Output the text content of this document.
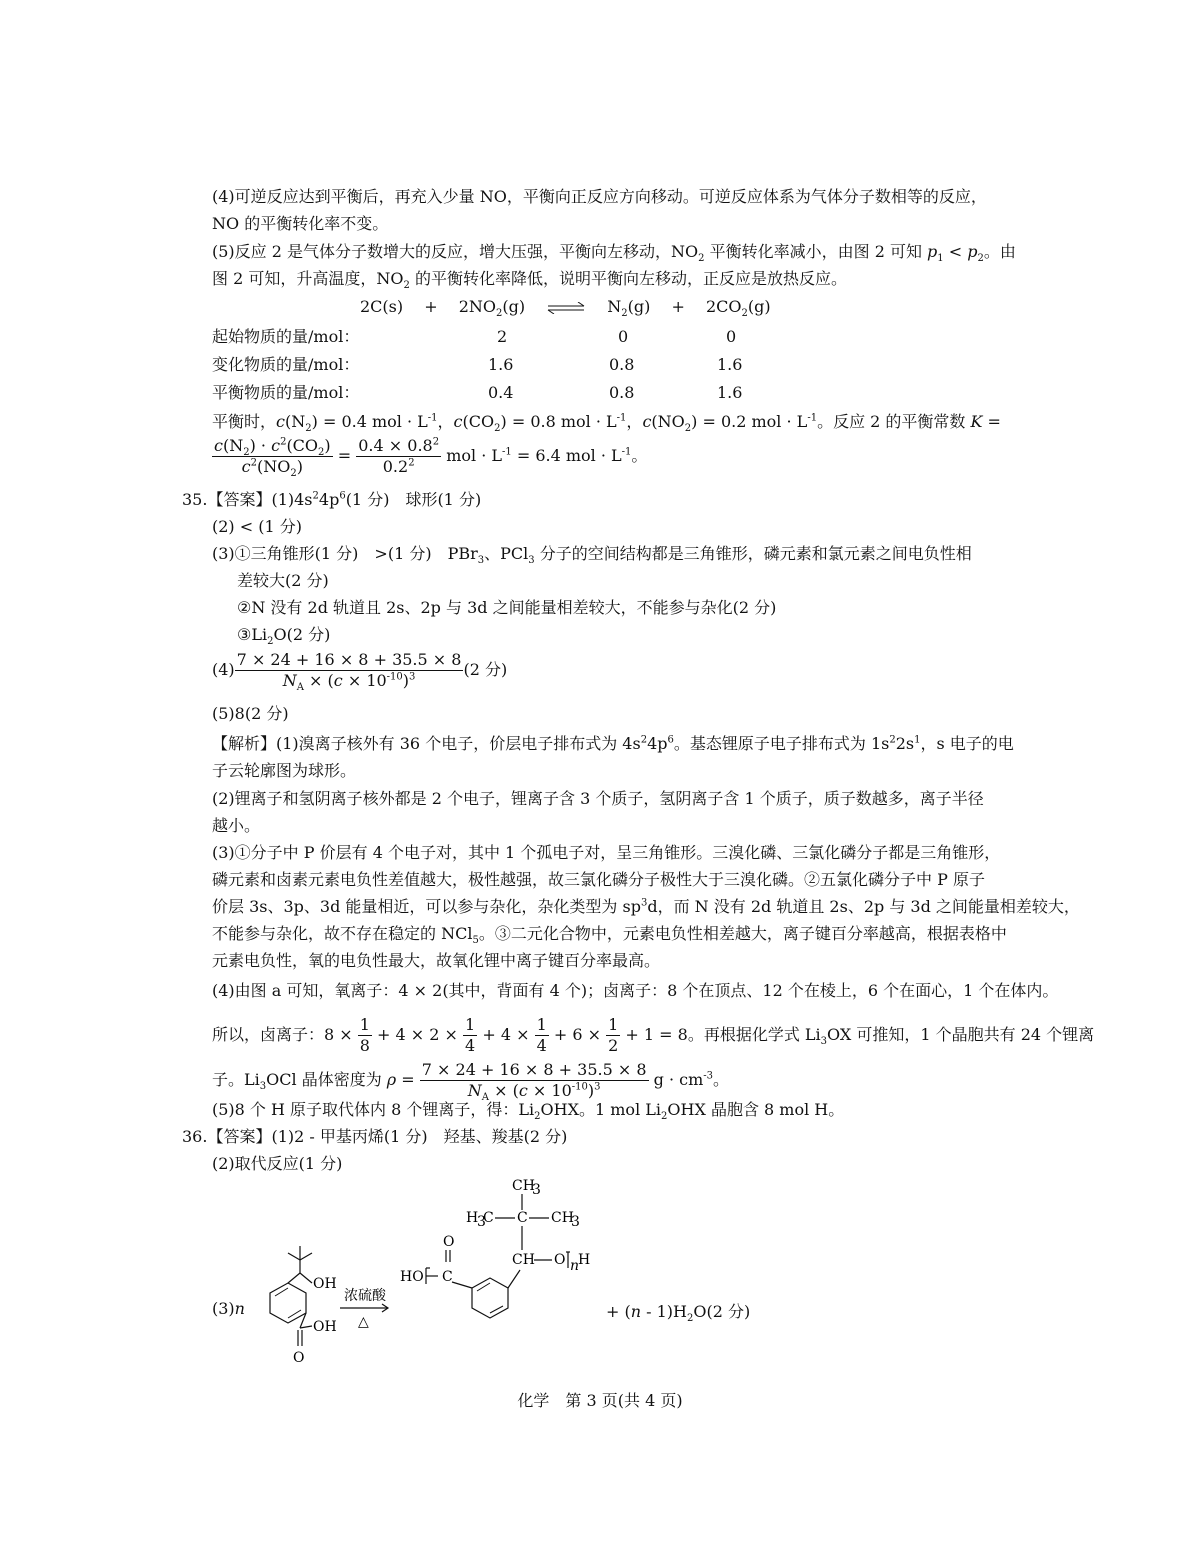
(4)可逆反应达到平衡后，再充入少量 NO，平衡向正反应方向移动。可逆反应体系为气体分子数相等的反应，
NO 的平衡转化率不变。
(5)反应 2 是气体分子数增大的反应，增大压强，平衡向左移动，$NO_2$ 平衡转化率减小，由图 2 可知 $p_1 < p_2$。由
图 2 可知，升高温度，$NO_2$ 的平衡转化率降低，说明平衡向左移动，正反应是放热反应。
2C(s)　 + 　$2NO_2(g)$　 ⇌ 　$N_2(g)$　 + 　$2CO_2(g)$
起始物质的量/mol：	2	0	0
变化物质的量/mol：	1.6	0.8	1.6
平衡物质的量/mol：	0.4	0.8	1.6
平衡时，$c(N_2) = 0.4$ mol · $L^{-1}$，$c(CO_2) = 0.8$ mol · $L^{-1}$，$c(NO_2) = 0.2$ mol · $L^{-1}$。反应 2 的平衡常数 K =
$\frac{c(N_2) \cdot c^2(CO_2)}{c^2(NO_2)} = \frac{0.4 \times 0.8^2}{0.2^2}$ mol · $L^{-1} = 6.4$ mol · $L^{-1}$。
35.【答案】$(1)4s^24p^6(1$ 分)　球形(1 分)
(2) < (1 分)
(3)①三角锥形(1 分)　>(1 分)　PBr$_3$、PCl$_3$ 分子的空间结构都是三角锥形，磷元素和氯元素之间电负性相
差较大(2 分)
②N 没有 2d 轨道且 2s、2p 与 3d 之间能量相差较大，不能参与杂化(2 分)
$③Li_2O(2$ 分)
$(4) \frac{7 \times 24 + 16 \times 8 + 35.5 \times 8}{N_A \times (c \times 10^{-10})^3} (2$ 分)
(5)8(2 分)
【解析】(1)溴离子核外有 36 个电子，价层电子排布式为 $4s^24p^6$。基态锂原子电子排布式为 $1s^22s^1$，s 电子的电
子云轮廓图为球形。
(2)锂离子和氢阴离子核外都是 2 个电子，锂离子含 3 个质子，氢阴离子含 1 个质子，质子数越多，离子半径
越小。
(3)①分子中 P 价层有 4 个电子对，其中 1 个孤电子对，呈三角锥形。三溴化磷、三氯化磷分子都是三角锥形，
磷元素和卤素元素电负性差值越大，极性越强，故三氯化磷分子极性大于三溴化磷。②五氯化磷分子中 P 原子
价层 3s、3p、3d 能量相近，可以参与杂化，杂化类型为 $sp^3d$，而 N 没有 2d 轨道且 2s、2p 与 3d 之间能量相差较大，
不能参与杂化，故不存在稳定的 NCl$_5$。③二元化合物中，元素电负性相差越大，离子键百分率越高，根据表格中
元素电负性，氧的电负性最大，故氧化锂中离子键百分率最高。
(4)由图 a 可知，氧离子：4 × 2(其中，背面有 4 个)；卤离子：8 个在顶点、12 个在棱上，6 个在面心，1 个在体内。
所以，卤离子：$8 \times \frac{1}{8} + 4 \times 2 \times \frac{1}{4} + 4 \times \frac{1}{4} + 6 \times \frac{1}{2} + 1 = 8$。再根据化学式 $Li_3OX$ 可推知，1 个晶胞共有 24 个锂离
子。$Li_3OCl$ 晶体密度为 $\rho = \frac{7 \times 24 + 16 \times 8 + 35.5 \times 8}{N_A \times (c \times 10^{-10})^3}$ $g \cdot cm^{-3}$。
(5)8 个 H 原子取代体内 8 个锂离子，得：$Li_2OHX$。1 mol $Li_2OHX$ 晶胞含 8 mol H。
36.【答案】(1)2 - 甲基丙烯(1 分)　羟基、羧基(2 分)
(2)取代反应(1 分)
(3)n
OH
OH
O
浓硫酸
△
CH
3
H
3
C C CH
3
CH O n
H
O
HO C
+ $(n - 1)H_2O(2$ 分)
化学　第 3 页(共 4 页)
